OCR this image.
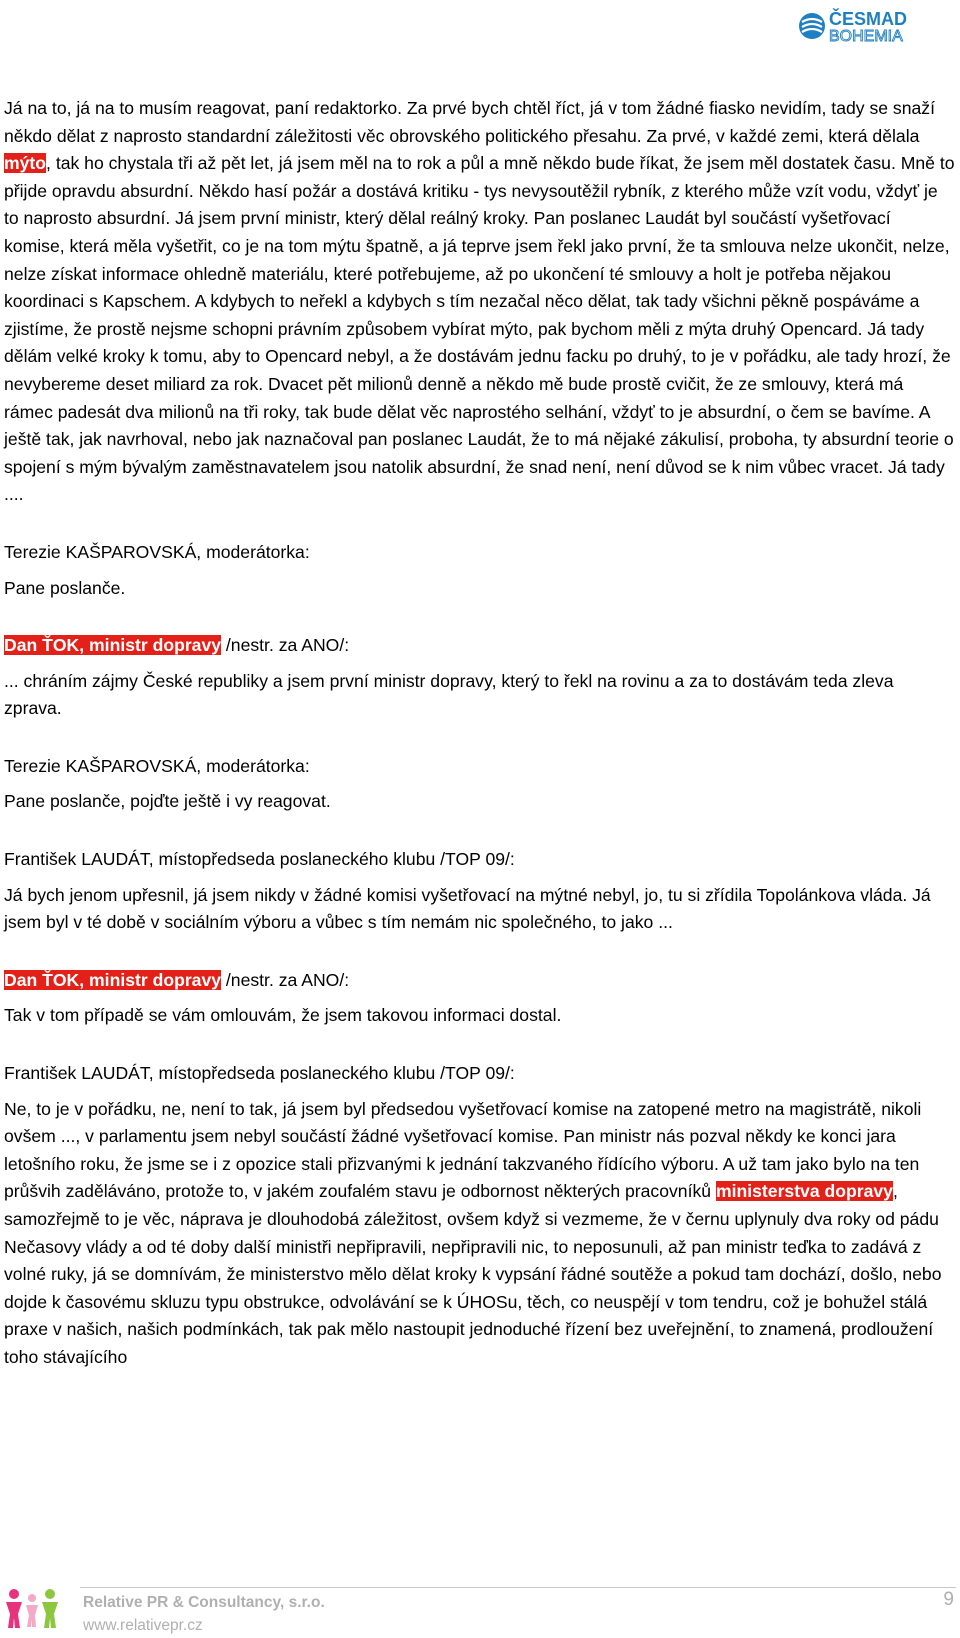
ČESMAD
BOHEMIA

Já na to, já na to musím reagovat, paní redaktorko. Za prvé bych chtěl říct, já v tom žádné fiasko nevidím, tady se snaží někdo dělat z naprosto standardní záležitosti věc obrovského politického přesahu. Za prvé, v každé zemi, která dělala mýto, tak ho chystala tři až pět let, já jsem měl na to rok a půl a mně někdo bude říkat, že jsem měl dostatek času. Mně to přijde opravdu absurdní. Někdo hasí požár a dostává kritiku - tys nevysoutěžil rybník, z kterého může vzít vodu, vždyť je to naprosto absurdní. Já jsem první ministr, který dělal reálný kroky. Pan poslanec Laudát byl součástí vyšetřovací komise, která měla vyšetřit, co je na tom mýtu špatně, a já teprve jsem řekl jako první, že ta smlouva nelze ukončit, nelze, nelze získat informace ohledně materiálu, které potřebujeme, až po ukončení té smlouvy a holt je potřeba nějakou koordinaci s Kapschem. A kdybych to neřekl a kdybych s tím nezačal něco dělat, tak tady všichni pěkně pospáváme a zjistíme, že prostě nejsme schopni právním způsobem vybírat mýto, pak bychom měli z mýta druhý Opencard. Já tady dělám velké kroky k tomu, aby to Opencard nebyl, a že dostávám jednu facku po druhý, to je v pořádku, ale tady hrozí, že nevybereme deset miliard za rok. Dvacet pět milionů denně a někdo mě bude prostě cvičit, že ze smlouvy, která má rámec padesát dva milionů na tři roky, tak bude dělat věc naprostého selhání, vždyť to je absurdní, o čem se bavíme. A ještě tak, jak navrhoval, nebo jak naznačoval pan poslanec Laudát, že to má nějaké zákulisí, proboha, ty absurdní teorie o spojení s mým bývalým zaměstnavatelem jsou natolik absurdní, že snad není, není důvod se k nim vůbec vracet. Já tady ....

Terezie KAŠPAROVSKÁ, moderátorka:

Pane poslanče.

Dan ŤOK, ministr dopravy /nestr. za ANO/:

... chráním zájmy České republiky a jsem první ministr dopravy, který to řekl na rovinu a za to dostávám teda zleva zprava.

Terezie KAŠPAROVSKÁ, moderátorka:

Pane poslanče, pojďte ještě i vy reagovat.

František LAUDÁT, místopředseda poslaneckého klubu /TOP 09/:

Já bych jenom upřesnil, já jsem nikdy v žádné komisi vyšetřovací na mýtné nebyl, jo, tu si zřídila Topolánkova vláda. Já jsem byl v té době v sociálním výboru a vůbec s tím nemám nic společného, to jako ...

Dan ŤOK, ministr dopravy /nestr. za ANO/:

Tak v tom případě se vám omlouvám, že jsem takovou informaci dostal.

František LAUDÁT, místopředseda poslaneckého klubu /TOP 09/:

Ne, to je v pořádku, ne, není to tak, já jsem byl předsedou vyšetřovací komise na zatopené metro na magistrátě, nikoli ovšem ..., v parlamentu jsem nebyl součástí žádné vyšetřovací komise. Pan ministr nás pozval někdy ke konci jara letošního roku, že jsme se i z opozice stali přizvanými k jednání takzvaného řídícího výboru. A už tam jako bylo na ten průšvih zaděláváno, protože to, v jakém zoufalém stavu je odbornost některých pracovníků ministerstva dopravy, samozřejmě to je věc, náprava je dlouhodobá záležitost, ovšem když si vezmeme, že v černu uplynuly dva roky od pádu Nečasovy vlády a od té doby další ministři nepřipravili, nepřipravili nic, to neposunuli, až pan ministr teďka to zadává z volné ruky, já se domnívám, že ministerstvo mělo dělat kroky k vypsání řádné soutěže a pokud tam dochází, došlo, nebo dojde k časovému skluzu typu obstrukce, odvolávání se k ÚHOSu, těch, co neuspějí v tom tendru, což je bohužel stálá praxe v našich, našich podmínkách, tak pak mělo nastoupit jednoduché řízení bez uveřejnění, to znamená, prodloužení toho stávajícího

Relative PR & Consultancy, s.r.o.
www.relativepr.cz
9
